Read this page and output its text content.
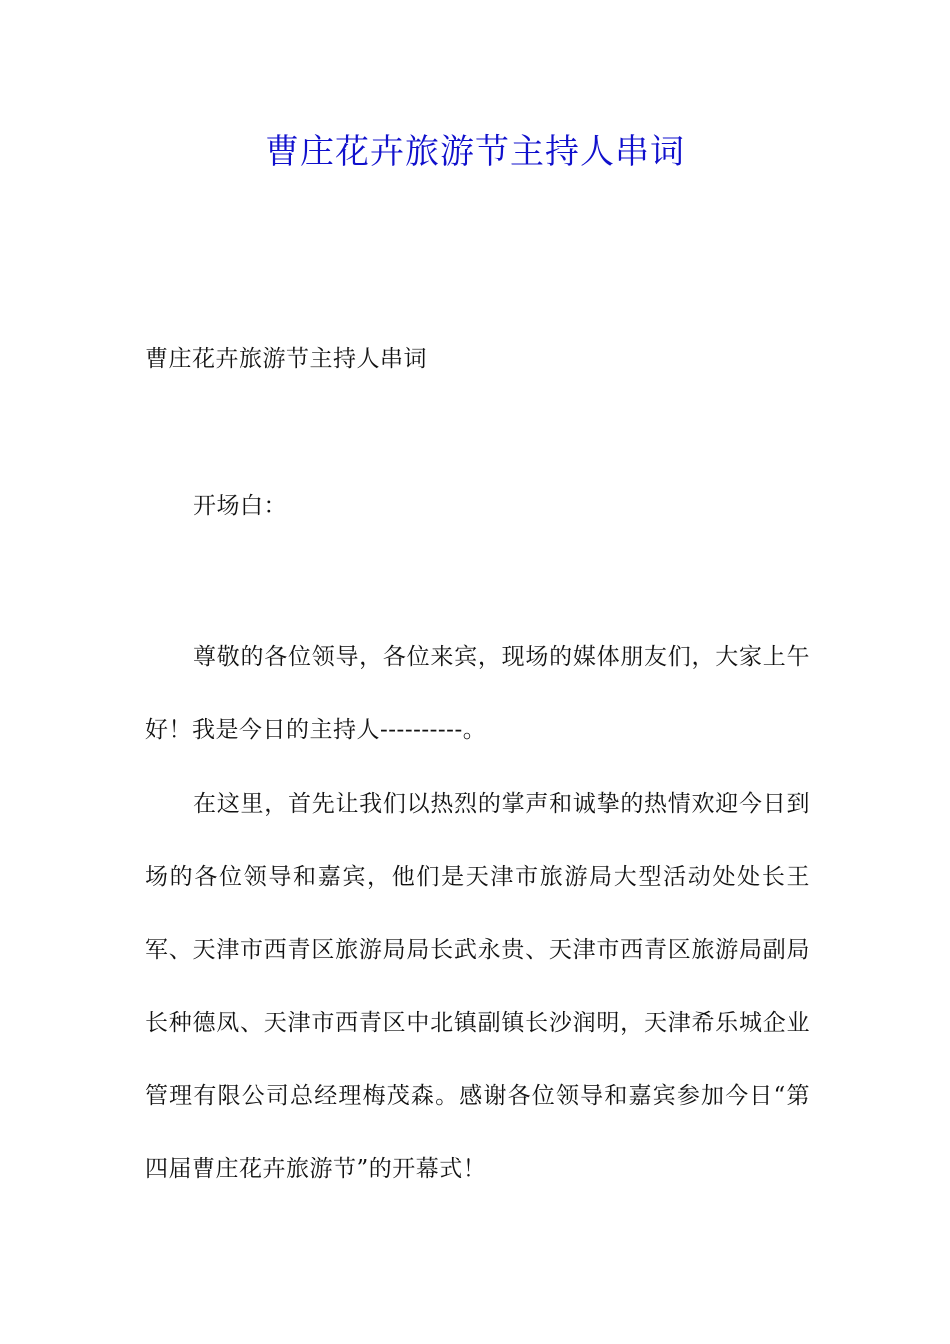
曹庄花卉旅游节主持人串词

曹庄花卉旅游节主持人串词

开场白：

尊敬的各位领导，各位来宾，现场的媒体朋友们，大家上午好！我是今日的主持人----------。

在这里，首先让我们以热烈的掌声和诚挚的热情欢迎今日到场的各位领导和嘉宾，他们是天津市旅游局大型活动处处长王军、天津市西青区旅游局局长武永贵、天津市西青区旅游局副局长种德凤、天津市西青区中北镇副镇长沙润明，天津希乐城企业管理有限公司总经理梅茂森。感谢各位领导和嘉宾参加今日“第四届曹庄花卉旅游节”的开幕式！
